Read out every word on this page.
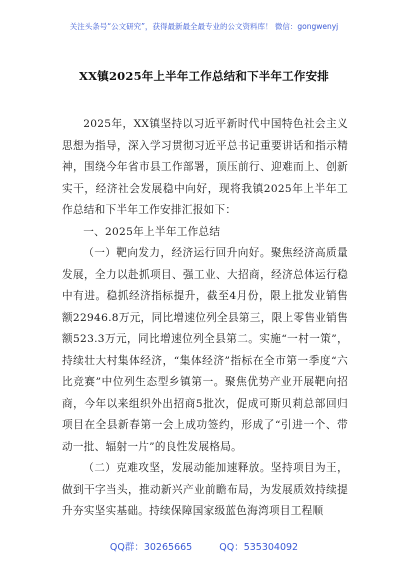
关注头条号“公文研究”，获得最新最全最专业的公文资料库！ 微信：gongwenyj
XX镇2025年上半年工作总结和下半年工作安排

2025年，XX镇坚持以习近平新时代中国特色社会主义思想为指导，深入学习贯彻习近平总书记重要讲话和指示精神，围绕今年省市县工作部署，顶压前行、迎难而上、创新实干，经济社会发展稳中向好，现将我镇2025年上半年工作总结和下半年工作安排汇报如下：

一、2025年上半年工作总结

（一）靶向发力，经济运行回升向好。聚焦经济高质量发展，全力以赴抓项目、强工业、大招商，经济总体运行稳中有进。稳抓经济指标提升，截至4月份，限上批发业销售额22946.8万元，同比增速位列全县第三，限上零售业销售额523.3万元，同比增速位列全县第二。实施“一村一策”，持续壮大村集体经济，“集体经济”指标在全市第一季度“六比竞赛”中位列生态型乡镇第一。聚焦优势产业开展靶向招商，今年以来组织外出招商5批次，促成可斯贝莉总部回归项目在全县新春第一会上成功签约，形成了“引进一个、带动一批、辐射一片”的良性发展格局。

（二）克难攻坚，发展动能加速释放。坚持项目为王，做到干字当头，推动新兴产业前瞻布局，为发展质效持续提升夯实坚实基础。持续保障国家级蓝色海湾项目工程顺

QQ群：30265665	QQ：535304092
